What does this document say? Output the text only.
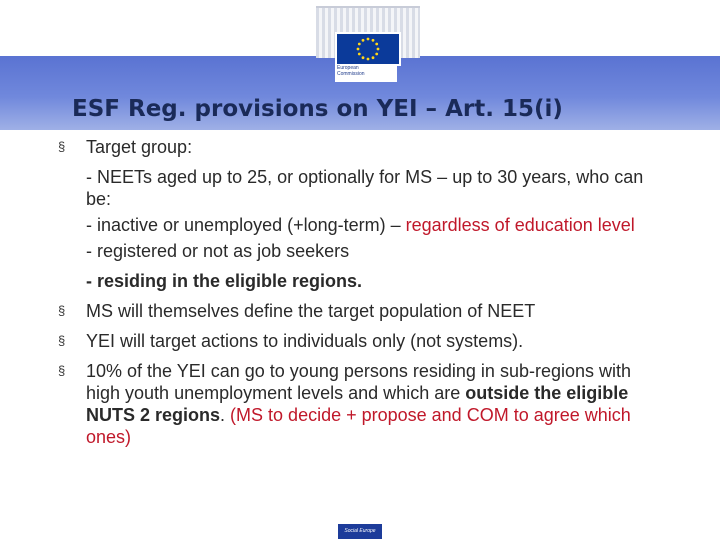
European
Commission
ESF Reg. provisions on YEI – Art. 15(i)

§ Target group:

- NEETs aged up to 25, or optionally for MS – up to 30 years, who can be:

- inactive or unemployed (+long-term) – regardless of education level

- registered or not as job seekers

- residing in the eligible regions.

§ MS will themselves define the target population of NEET

§ YEI will target actions to individuals only (not systems).

§ 10% of the YEI can go to young persons residing in sub-regions with high youth unemployment levels and which are outside the eligible NUTS 2 regions. (MS to decide + propose and COM to agree which ones)

Social Europe
